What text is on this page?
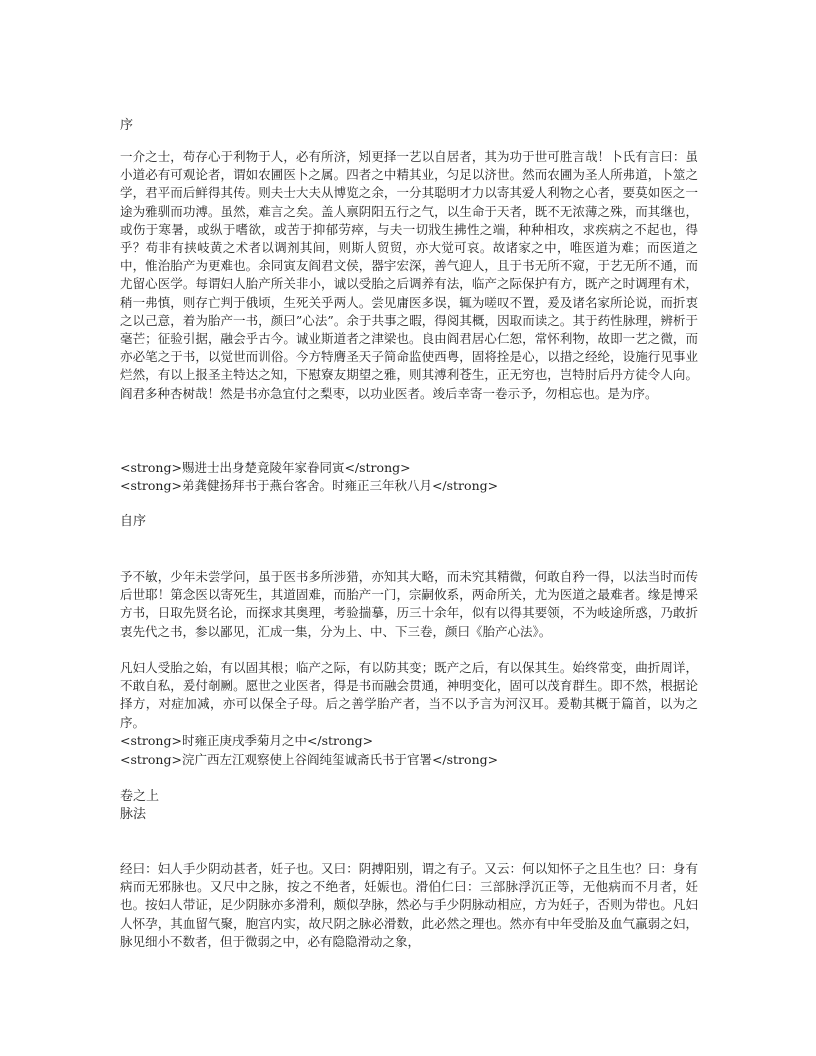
序

一介之士，苟存心于利物于人，必有所济，矧更择一艺以自居者，其为功于世可胜言哉！卜氏有言曰：虽小道必有可观论者，谓如农圃医卜之属。四者之中精其业，匀足以济世。然而农圃为圣人所弗道，卜筮之学，君平而后鲜得其传。则夫士大夫从博览之余，一分其聪明才力以寄其爱人利物之心者，要莫如医之一途为雅驯而功溥。虽然，难言之矣。盖人禀阴阳五行之气，以生命于天者，既不无浓薄之殊，而其继也，或伤于寒暑，或纵于嗜欲，或苦于抑郁劳瘁，与夫一切戕生拂性之端，种种相攻，求疾病之不起也，得乎？苟非有挟岐黄之术者以调剂其间，则斯人贸贸，亦大觉可哀。故诸家之中，唯医道为难；而医道之中，惟治胎产为更难也。余同寅友阎君文侯，器宇宏深，善气迎人，且于书无所不窥，于艺无所不通，而尤留心医学。每谓妇人胎产所关非小，诚以受胎之后调养有法，临产之际保护有方，既产之时调理有术，稍一弗慎，则存亡判于俄顷，生死关乎两人。尝见庸医多误，辄为嗟叹不置，爰及诸名家所论说，而折衷之以己意，着为胎产一书，颜曰”心法”。余于共事之暇，得阅其概，因取而读之。其于药性脉理，辨析于毫芒；征验引据，融会乎古今。诚业斯道者之津梁也。良由阎君居心仁恕，常怀利物，故即一艺之微，而亦必笔之于书，以觉世而训俗。今方特膺圣天子简命监使西粤，固将拴是心，以措之经纶，设施行见事业烂然，有以上报圣主特达之知，下慰寮友期望之雅，则其溥利苍生，正无穷也，岂特肘后丹方徒令人向。阎君多种杏树哉！然是书亦急宜付之梨枣，以功业医者。竣后幸寄一卷示予，勿相忘也。是为序。

<strong>赐进士出身楚竟陵年家眷同寅</strong>
<strong>弟龚健扬拜书于燕台客舍。时雍正三年秋八月</strong>
自序

予不敏，少年未尝学问，虽于医书多所涉猎，亦知其大略，而未究其精微，何敢自矜一得，以法当时而传后世耶！第念医以寄死生，其道固难，而胎产一门，宗嗣攸系，两命所关，尤为医道之最难者。缘是博采方书，日取先贤名论，而探求其奥理，考验揣摹，历三十余年，似有以得其要领，不为岐途所惑，乃敢折衷先代之书，参以鄙见，汇成一集，分为上、中、下三卷，颜曰《胎产心法》。

凡妇人受胎之始，有以固其根；临产之际，有以防其变；既产之后，有以保其生。始终常变，曲折周详，不敢自私，爰付剞劂。愿世之业医者，得是书而融会贯通，神明变化，固可以茂育群生。即不然，根据论择方，对症加减，亦可以保全子母。后之善学胎产者，当不以予言为河汉耳。爰勒其概于篇首，以为之序。

<strong>时雍正庚戌季菊月之中</strong>
<strong>浣广西左江观察使上谷阎纯玺诚斋氏书于官署</strong>
卷之上
脉法

经曰：妇人手少阴动甚者，妊子也。又曰：阴搏阳别，谓之有子。又云：何以知怀子之且生也？曰：身有病而无邪脉也。又尺中之脉，按之不绝者，妊娠也。滑伯仁曰：三部脉浮沉正等，无他病而不月者，妊也。按妇人带证，足少阴脉亦多滑利，颇似孕脉，然必与手少阴脉动相应，方为妊子，否则为带也。凡妇人怀孕，其血留气聚，胞宫内实，故尺阴之脉必滑数，此必然之理也。然亦有中年受胎及血气羸弱之妇，脉见细小不数者，但于微弱之中，必有隐隐滑动之象，
